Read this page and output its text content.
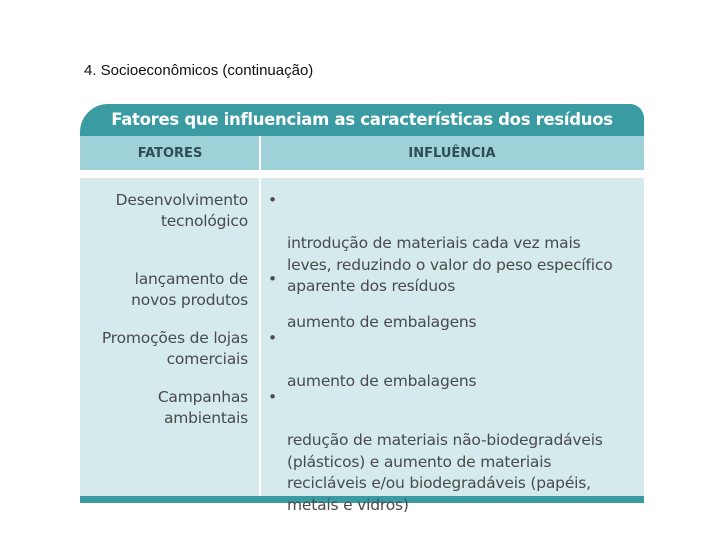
4. Socioeconômicos (continuação)
Fatores que influenciam as características dos resíduos
FATORES	INFLUÊNCIA
Desenvolvimento
tecnológico

•

introdução de materiais cada vez mais
leves, reduzindo o valor do peso específico
aparente dos resíduos

lançamento de
novos produtos

•

aumento de embalagens

Promoções de lojas
comerciais

•

aumento de embalagens

Campanhas
ambientais

•

redução de materiais não-biodegradáveis
(plásticos) e aumento de materiais
recicláveis e/ou biodegradáveis (papéis,
metais e vidros)
